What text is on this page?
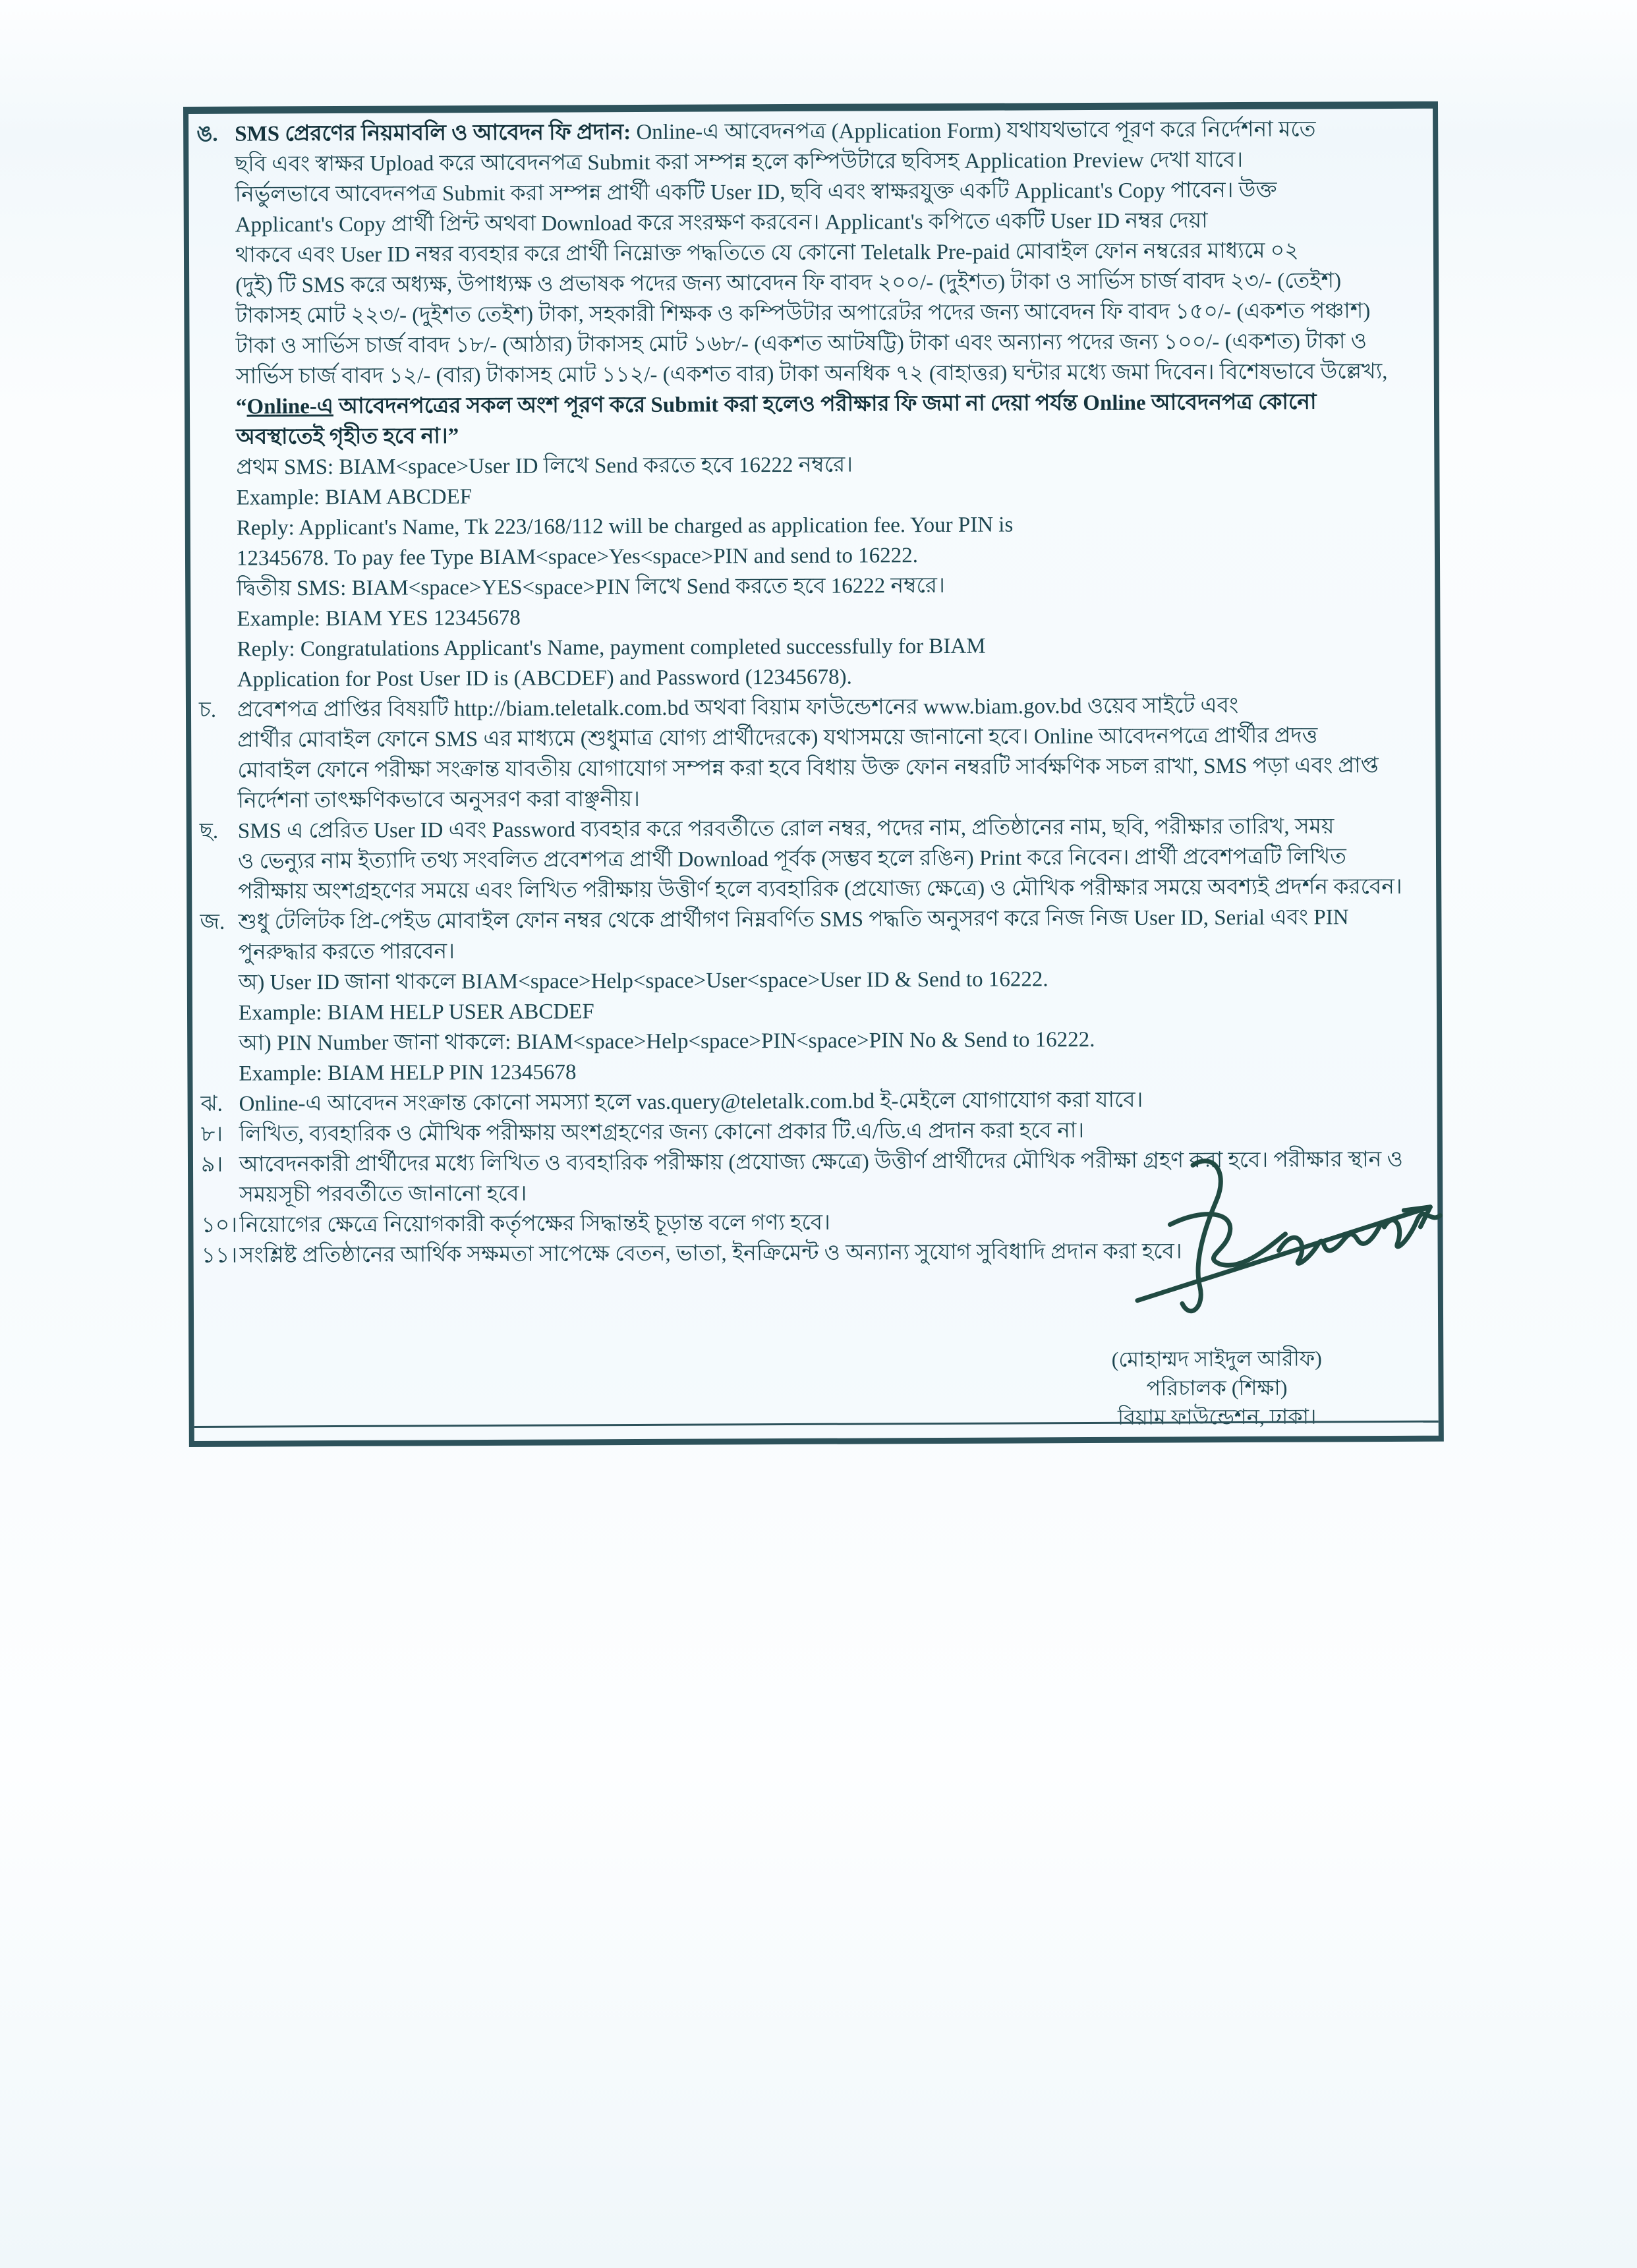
ঙ. SMS প্রেরণের নিয়মাবলি ও আবেদন ফি প্রদান: Online-এ আবেদনপত্র (Application Form) যথাযথভাবে পূরণ করে নির্দেশনা মতে
ছবি এবং স্বাক্ষর Upload করে আবেদনপত্র Submit করা সম্পন্ন হলে কম্পিউটারে ছবিসহ Application Preview দেখা যাবে।
নির্ভুলভাবে আবেদনপত্র Submit করা সম্পন্ন প্রার্থী একটি User ID, ছবি এবং স্বাক্ষরযুক্ত একটি Applicant's Copy পাবেন। উক্ত
Applicant's Copy প্রার্থী প্রিন্ট অথবা Download করে সংরক্ষণ করবেন। Applicant's কপিতে একটি User ID নম্বর দেয়া
থাকবে এবং User ID নম্বর ব্যবহার করে প্রার্থী নিম্নোক্ত পদ্ধতিতে যে কোনো Teletalk Pre-paid মোবাইল ফোন নম্বরের মাধ্যমে ০২
(দুই) টি SMS করে অধ্যক্ষ, উপাধ্যক্ষ ও প্রভাষক পদের জন্য আবেদন ফি বাবদ ২০০/- (দুইশত) টাকা ও সার্ভিস চার্জ বাবদ ২৩/- (তেইশ)
টাকাসহ মোট ২২৩/- (দুইশত তেইশ) টাকা, সহকারী শিক্ষক ও কম্পিউটার অপারেটর পদের জন্য আবেদন ফি বাবদ ১৫০/- (একশত পঞ্চাশ)
টাকা ও সার্ভিস চার্জ বাবদ ১৮/- (আঠার) টাকাসহ মোট ১৬৮/- (একশত আটষট্টি) টাকা এবং অন্যান্য পদের জন্য ১০০/- (একশত) টাকা ও
সার্ভিস চার্জ বাবদ ১২/- (বার) টাকাসহ মোট ১১২/- (একশত বার) টাকা অনধিক ৭২ (বাহাত্তর) ঘন্টার মধ্যে জমা দিবেন। বিশেষভাবে উল্লেখ্য,
“Online-এ আবেদনপত্রের সকল অংশ পূরণ করে Submit করা হলেও পরীক্ষার ফি জমা না দেয়া পর্যন্ত Online আবেদনপত্র কোনো
অবস্থাতেই গৃহীত হবে না।”
প্রথম SMS: BIAM<space>User ID লিখে Send করতে হবে 16222 নম্বরে।
Example: BIAM ABCDEF
Reply: Applicant's Name, Tk 223/168/112 will be charged as application fee. Your PIN is
12345678. To pay fee Type BIAM<space>Yes<space>PIN and send to 16222.
দ্বিতীয় SMS: BIAM<space>YES<space>PIN লিখে Send করতে হবে 16222 নম্বরে।
Example: BIAM YES 12345678
Reply: Congratulations Applicant's Name, payment completed successfully for BIAM
Application for Post User ID is (ABCDEF) and Password (12345678).
চ. প্রবেশপত্র প্রাপ্তির বিষয়টি http://biam.teletalk.com.bd অথবা বিয়াম ফাউন্ডেশনের www.biam.gov.bd ওয়েব সাইটে এবং
প্রার্থীর মোবাইল ফোনে SMS এর মাধ্যমে (শুধুমাত্র যোগ্য প্রার্থীদেরকে) যথাসময়ে জানানো হবে। Online আবেদনপত্রে প্রার্থীর প্রদত্ত
মোবাইল ফোনে পরীক্ষা সংক্রান্ত যাবতীয় যোগাযোগ সম্পন্ন করা হবে বিধায় উক্ত ফোন নম্বরটি সার্বক্ষণিক সচল রাখা, SMS পড়া এবং প্রাপ্ত
নির্দেশনা তাৎক্ষণিকভাবে অনুসরণ করা বাঞ্ছনীয়।
ছ. SMS এ প্রেরিত User ID এবং Password ব্যবহার করে পরবর্তীতে রোল নম্বর, পদের নাম, প্রতিষ্ঠানের নাম, ছবি, পরীক্ষার তারিখ, সময়
ও ভেন্যুর নাম ইত্যাদি তথ্য সংবলিত প্রবেশপত্র প্রার্থী Download পূর্বক (সম্ভব হলে রঙিন) Print করে নিবেন। প্রার্থী প্রবেশপত্রটি লিখিত
পরীক্ষায় অংশগ্রহণের সময়ে এবং লিখিত পরীক্ষায় উত্তীর্ণ হলে ব্যবহারিক (প্রযোজ্য ক্ষেত্রে) ও মৌখিক পরীক্ষার সময়ে অবশ্যই প্রদর্শন করবেন।
জ. শুধু টেলিটক প্রি-পেইড মোবাইল ফোন নম্বর থেকে প্রার্থীগণ নিম্নবর্ণিত SMS পদ্ধতি অনুসরণ করে নিজ নিজ User ID, Serial এবং PIN
পুনরুদ্ধার করতে পারবেন।
অ) User ID জানা থাকলে BIAM<space>Help<space>User<space>User ID & Send to 16222.
Example: BIAM HELP USER ABCDEF
আ) PIN Number জানা থাকলে: BIAM<space>Help<space>PIN<space>PIN No & Send to 16222.
Example: BIAM HELP PIN 12345678
ঝ. Online-এ আবেদন সংক্রান্ত কোনো সমস্যা হলে vas.query@teletalk.com.bd ই-মেইলে যোগাযোগ করা যাবে।
৮। লিখিত, ব্যবহারিক ও মৌখিক পরীক্ষায় অংশগ্রহণের জন্য কোনো প্রকার টি.এ/ডি.এ প্রদান করা হবে না।
৯। আবেদনকারী প্রার্থীদের মধ্যে লিখিত ও ব্যবহারিক পরীক্ষায় (প্রযোজ্য ক্ষেত্রে) উত্তীর্ণ প্রার্থীদের মৌখিক পরীক্ষা গ্রহণ করা হবে। পরীক্ষার স্থান ও
সময়সূচী পরবর্তীতে জানানো হবে।
১০। নিয়োগের ক্ষেত্রে নিয়োগকারী কর্তৃপক্ষের সিদ্ধান্তই চূড়ান্ত বলে গণ্য হবে।
১১। সংশ্লিষ্ট প্রতিষ্ঠানের আর্থিক সক্ষমতা সাপেক্ষে বেতন, ভাতা, ইনক্রিমেন্ট ও অন্যান্য সুযোগ সুবিধাদি প্রদান করা হবে।
(মোহাম্মদ সাইদুল আরীফ)
পরিচালক (শিক্ষা)
বিয়াম ফাউন্ডেশন, ঢাকা।
